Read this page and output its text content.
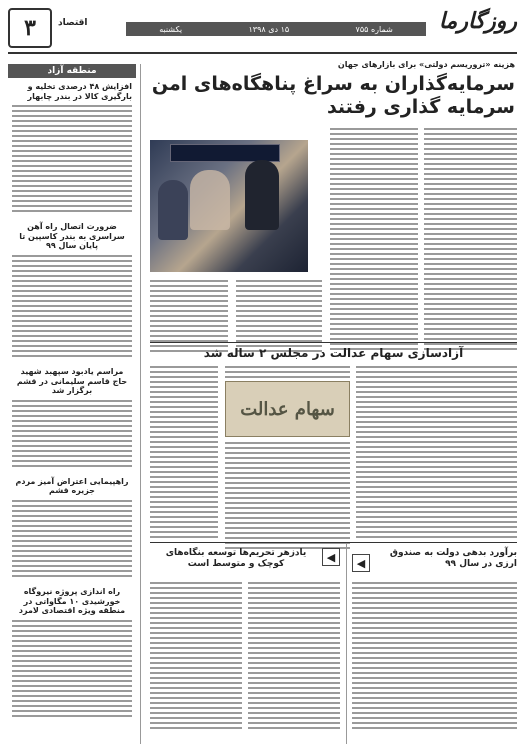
۳	اقتصاد
شماره ۷۵۵
۱۵ دی ۱۳۹۸
یکشنبه	روزگارما
منطقه آزاد
افزایش ۴۸ درصدی تخلیه و بارگیری کالا در بندر چابهار
ضرورت اتصال راه آهن سراسری به بندر کاسپین تا پایان سال ۹۹
مراسم یادبود سپهبد شهید حاج قاسم سلیمانی در قشم برگزار شد
راهپیمایی اعتراض آمیز مردم جزیره قشم
راه اندازی پروژه نیروگاه خورشیدی ۱۰ مگاواتی در منطقه ویژه اقتصادی لامرد
هزینه «تروریسم دولتی» برای بازارهای جهان
سرمایه‌گذاران به سراغ پناهگاه‌های امن سرمایه گذاری رفتند
آزادسازی سهام عدالت در مجلس ۲ ساله شد
سهام عدالت
◀
یادزهر تحریم‌ها توسعه بنگاه‌های کوچک و متوسط است	◀
برآورد بدهی دولت به صندوق ارزی در سال ۹۹
